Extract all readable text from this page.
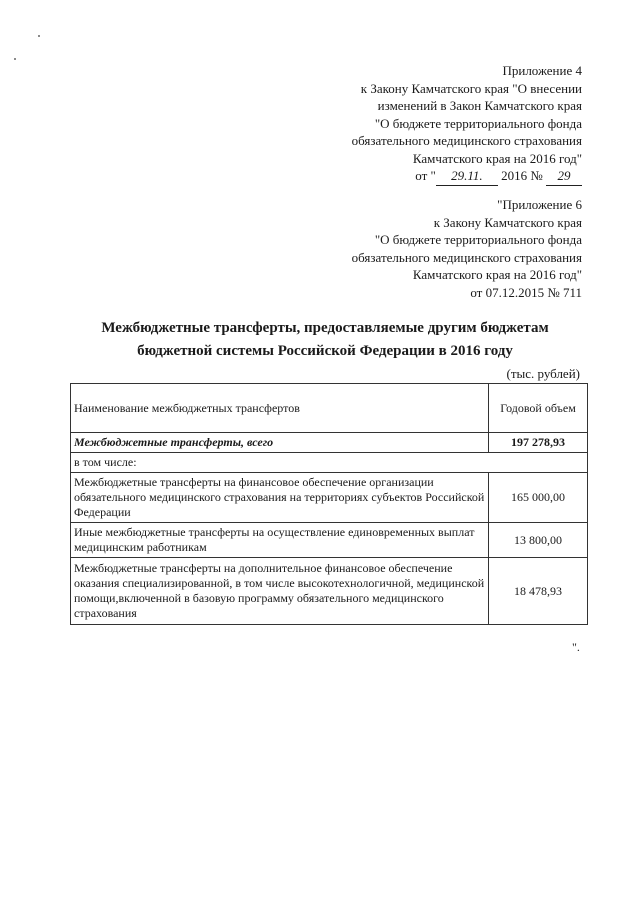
Приложение 4
к Закону Камчатского края "О внесении
изменений в Закон Камчатского края
"О бюджете территориального фонда
обязательного медицинского страхования
Камчатского края на 2016 год"
от " 29.11. 2016 № 29
"Приложение 6
к Закону Камчатского края
"О бюджете территориального фонда
обязательного медицинского страхования
Камчатского края на 2016 год"
от 07.12.2015 № 711
Межбюджетные трансферты, предоставляемые другим бюджетам
бюджетной системы Российской Федерации в 2016 году
(тыс. рублей)
Наименование межбюджетных трансфертов	Годовой объем
Межбюджетные трансферты, всего	197 278,93
в том числе:	
Межбюджетные трансферты на финансовое обеспечение организации обязательного медицинского страхования на территориях субъектов Российской Федерации	165 000,00
Иные межбюджетные трансферты на осуществление единовременных выплат медицинским работникам	13 800,00
Межбюджетные трансферты на дополнительное финансовое обеспечение оказания специализированной, в том числе высокотехнологичной, медицинской помощи,включенной в базовую программу обязательного медицинского страхования	18 478,93
".
